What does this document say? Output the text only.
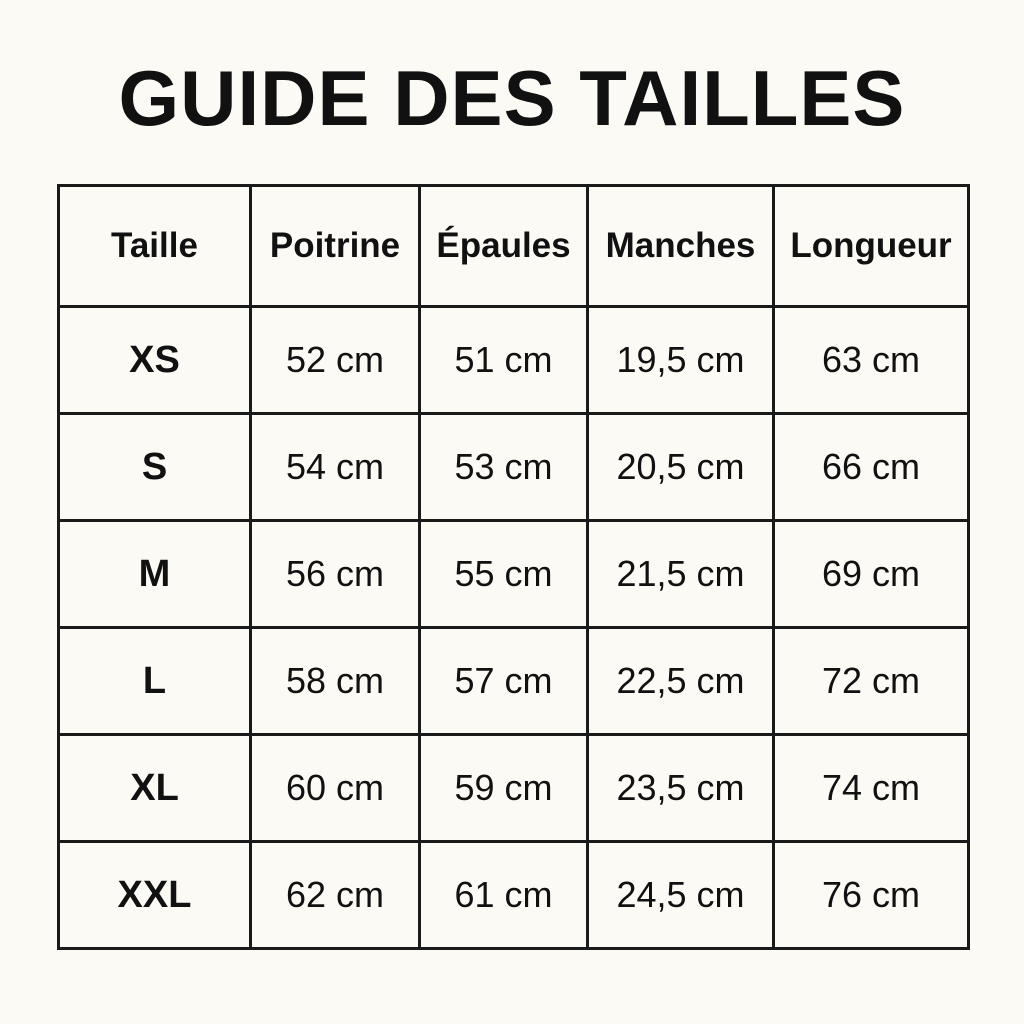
GUIDE DES TAILLES
Taille	Poitrine	Épaules	Manches	Longueur
XS	52 cm	51 cm	19,5 cm	63 cm
S	54 cm	53 cm	20,5 cm	66 cm
M	56 cm	55 cm	21,5 cm	69 cm
L	58 cm	57 cm	22,5 cm	72 cm
XL	60 cm	59 cm	23,5 cm	74 cm
XXL	62 cm	61 cm	24,5 cm	76 cm
